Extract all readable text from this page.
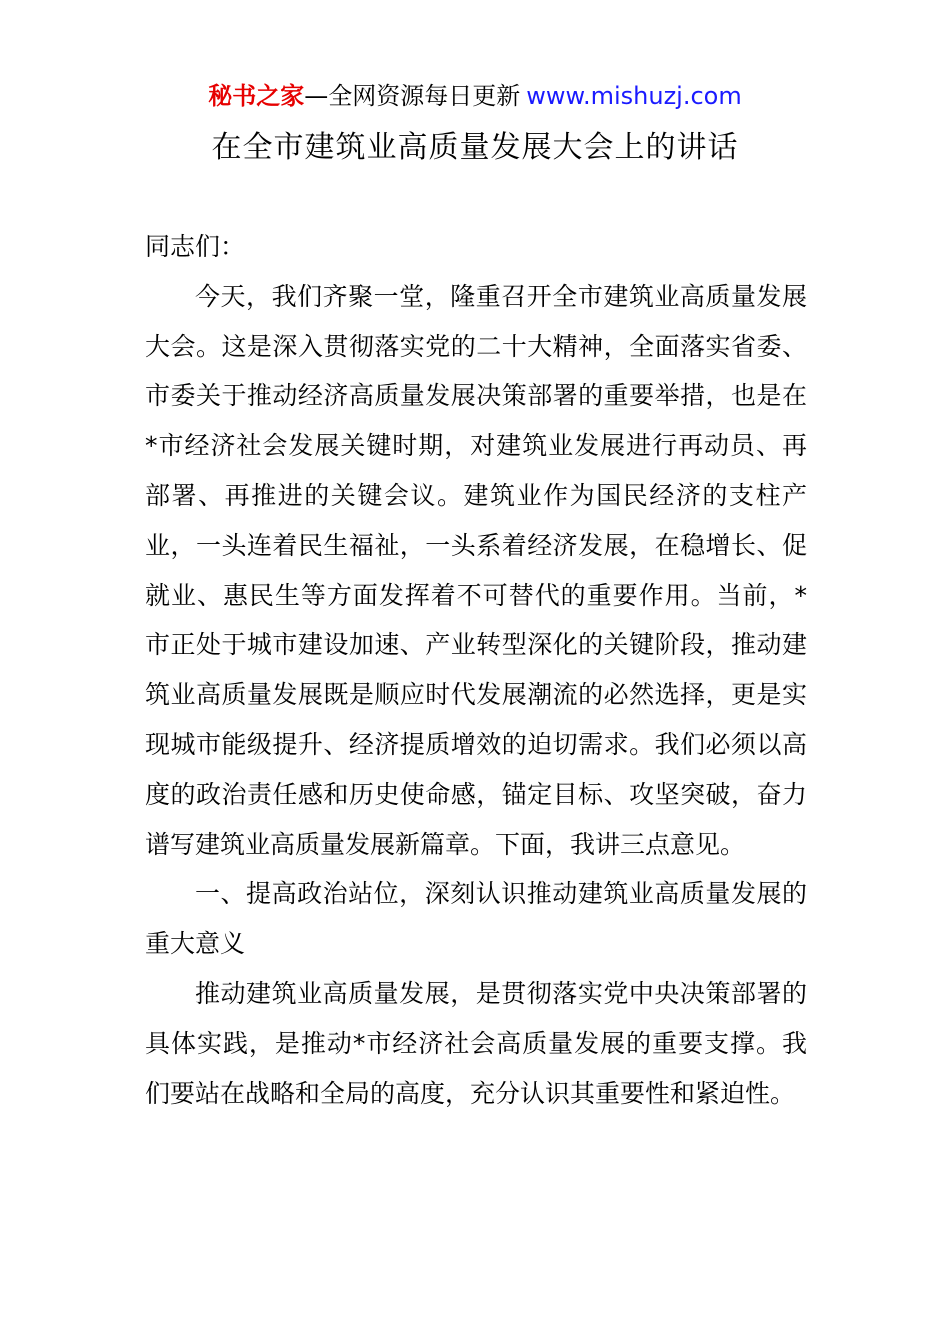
秘书之家—全网资源每日更新 www.mishuzj.com
在全市建筑业高质量发展大会上的讲话

同志们：

今天，我们齐聚一堂，隆重召开全市建筑业高质量发展大会。这是深入贯彻落实党的二十大精神，全面落实省委、市委关于推动经济高质量发展决策部署的重要举措，也是在*市经济社会发展关键时期，对建筑业发展进行再动员、再部署、再推进的关键会议。建筑业作为国民经济的支柱产业，一头连着民生福祉，一头系着经济发展，在稳增长、促就业、惠民生等方面发挥着不可替代的重要作用。当前，*市正处于城市建设加速、产业转型深化的关键阶段，推动建筑业高质量发展既是顺应时代发展潮流的必然选择，更是实现城市能级提升、经济提质增效的迫切需求。我们必须以高度的政治责任感和历史使命感，锚定目标、攻坚突破，奋力谱写建筑业高质量发展新篇章。下面，我讲三点意见。

一、提高政治站位，深刻认识推动建筑业高质量发展的重大意义

推动建筑业高质量发展，是贯彻落实党中央决策部署的具体实践，是推动*市经济社会高质量发展的重要支撑。我们要站在战略和全局的高度，充分认识其重要性和紧迫性。
